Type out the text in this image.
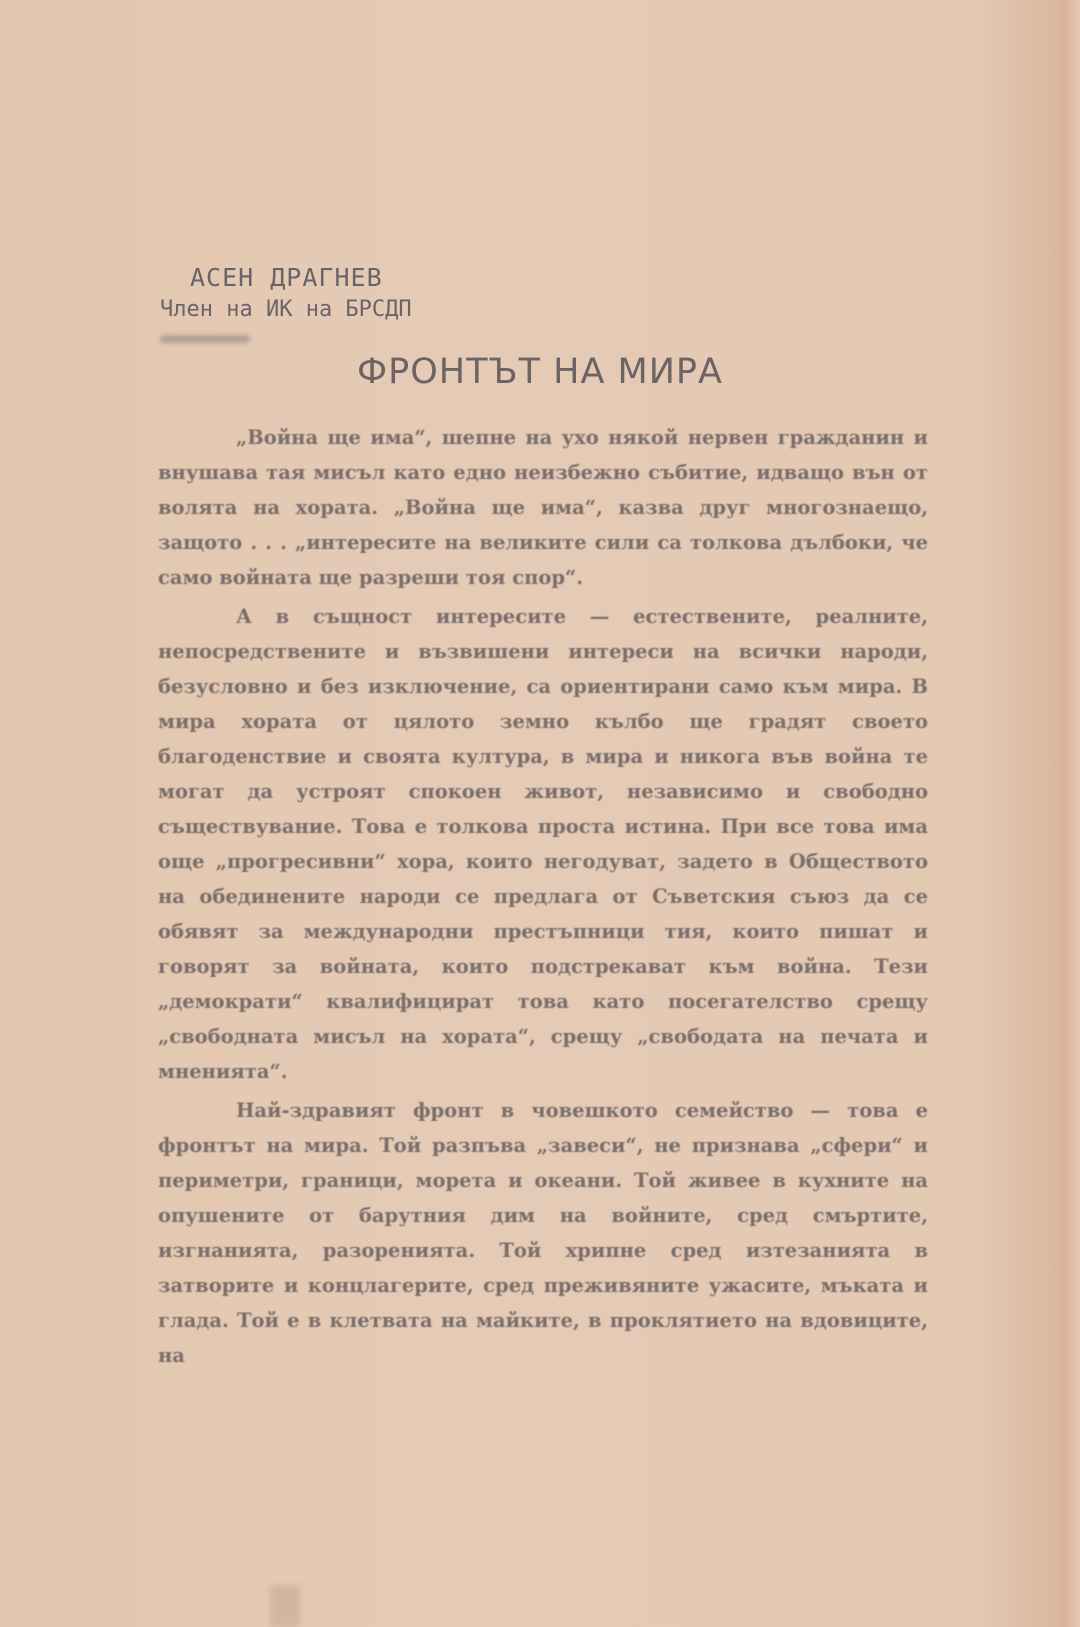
АСЕН ДРАГНЕВ
Член на ИК на БРСДП
ФРОНТЪТ НА МИРА

„Война ще има“, шепне на ухо някой нервен гражданин и внушава тая мисъл като едно неизбежно събитие, идващо вън от волята на хората. „Война ще има“, казва друг многознаещо, защото . . . „интересите на великите сили са толкова дълбоки, че само войната ще разреши тоя спор“.

А в същност интересите — естествените, реалните, непосредствените и възвишени интереси на всички народи, безусловно и без изключение, са ориентирани само към мира. В мира хората от цялото земно кълбо ще градят своето благоденствие и своята култура, в мира и никога във война те могат да устроят спокоен живот, независимо и свободно съществувание. Това е толкова проста истина. При все това има още „прогресивни“ хора, които негодуват, задето в Обществото на обединените народи се предлага от Съветския съюз да се обявят за международни престъпници тия, които пишат и говорят за войната, които подстрекават към война. Тези „демократи“ квалифицират това като посегателство срещу „свободната мисъл на хората“, срещу „свободата на печата и мненията“.

Най-здравият фронт в човешкото семейство — това е фронтът на мира. Той разпъва „завеси“, не признава „сфери“ и периметри, граници, морета и океани. Той живее в кухните на опушените от барутния дим на войните, сред смъртите, изгнанията, разоренията. Той хрипне сред изтезанията в затворите и концлагерите, сред преживяните ужасите, мъката и глада. Той е в клетвата на майките, в проклятието на вдовиците, на
